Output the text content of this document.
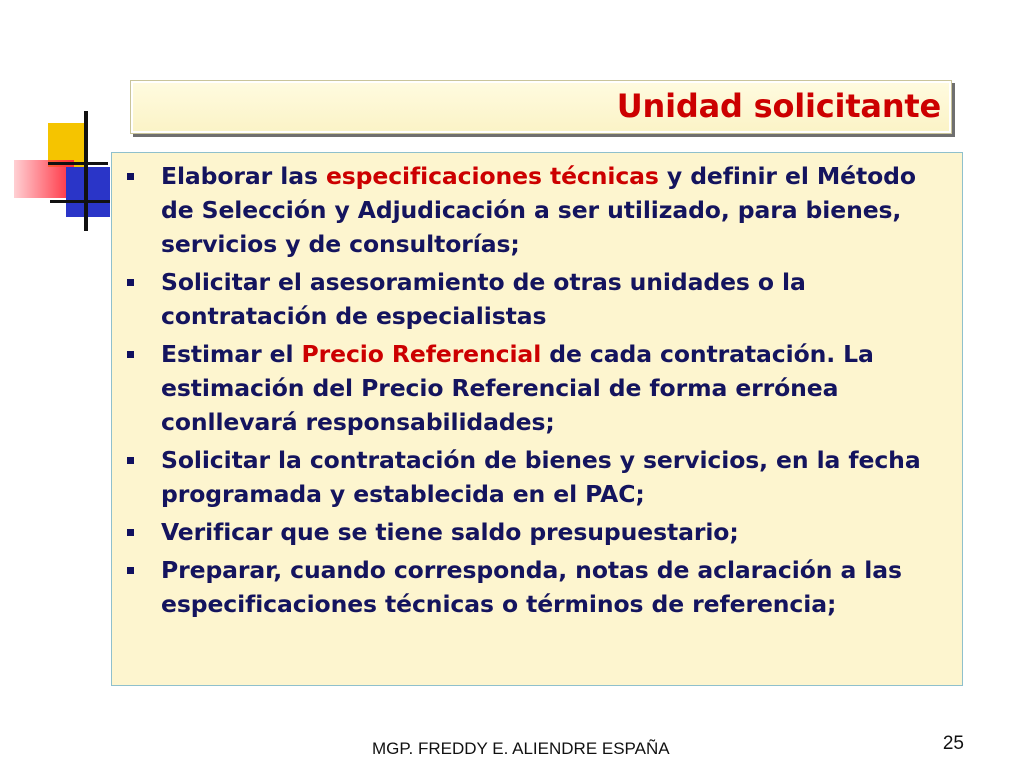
Unidad solicitante
Elaborar las especificaciones técnicas y definir el Método de Selección y Adjudicación a ser utilizado, para bienes, servicios y de consultorías;
Solicitar el asesoramiento de otras unidades o la contratación de especialistas
Estimar el Precio Referencial de cada contratación. La estimación del Precio Referencial de forma errónea conllevará responsabilidades;
Solicitar la contratación de bienes y servicios, en la fecha programada y establecida en el PAC;
Verificar que se tiene saldo presupuestario;
Preparar, cuando corresponda, notas de aclaración a las especificaciones técnicas o términos de referencia;
MGP. FREDDY E. ALIENDRE ESPAÑA	25
